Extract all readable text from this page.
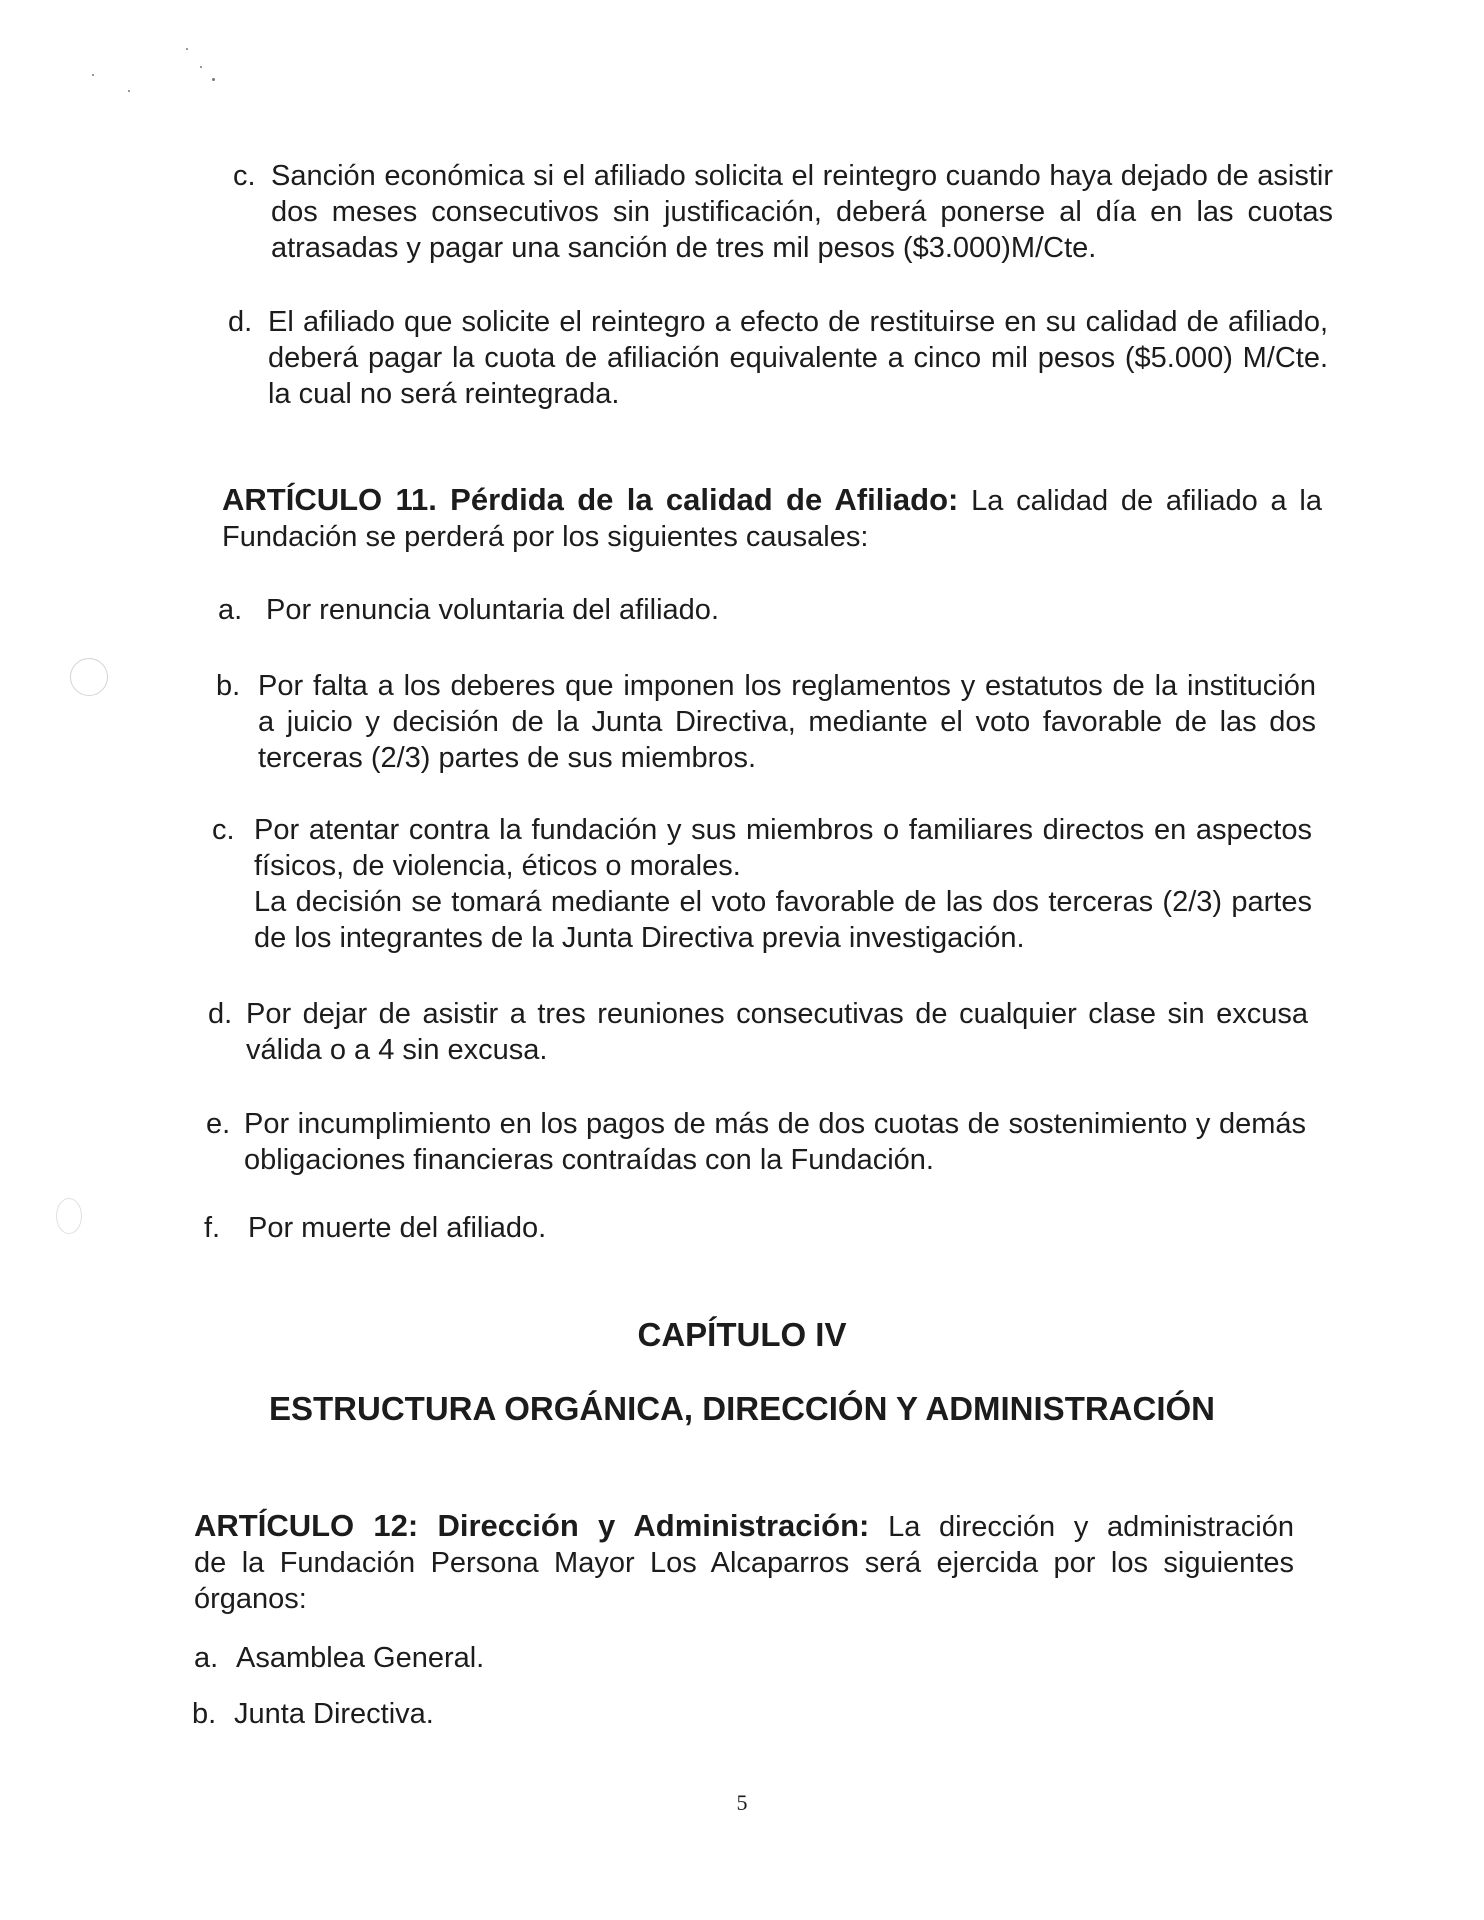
c. Sanción económica si el afiliado solicita el reintegro cuando haya dejado de asistir dos meses consecutivos sin justificación, deberá ponerse al día en las cuotas atrasadas y pagar una sanción de tres mil pesos ($3.000)M/Cte.
d. El afiliado que solicite el reintegro a efecto de restituirse en su calidad de afiliado, deberá pagar la cuota de afiliación equivalente a cinco mil pesos ($5.000) M/Cte. la cual no será reintegrada.
ARTÍCULO 11. Pérdida de la calidad de Afiliado: La calidad de afiliado a la Fundación se perderá por los siguientes causales:
a. Por renuncia voluntaria del afiliado.
b. Por falta a los deberes que imponen los reglamentos y estatutos de la institución a juicio y decisión de la Junta Directiva, mediante el voto favorable de las dos terceras (2/3) partes de sus miembros.
c. Por atentar contra la fundación y sus miembros o familiares directos en aspectos físicos, de violencia, éticos o morales.
La decisión se tomará mediante el voto favorable de las dos terceras (2/3) partes de los integrantes de la Junta Directiva previa investigación.
d. Por dejar de asistir a tres reuniones consecutivas de cualquier clase sin excusa válida o a 4 sin excusa.
e. Por incumplimiento en los pagos de más de dos cuotas de sostenimiento y demás obligaciones financieras contraídas con la Fundación.
f. Por muerte del afiliado.
CAPÍTULO IV
ESTRUCTURA ORGÁNICA, DIRECCIÓN Y ADMINISTRACIÓN
ARTÍCULO 12: Dirección y Administración: La dirección y administración de la Fundación Persona Mayor Los Alcaparros será ejercida por los siguientes órganos:
a. Asamblea General.
b. Junta Directiva.
5
